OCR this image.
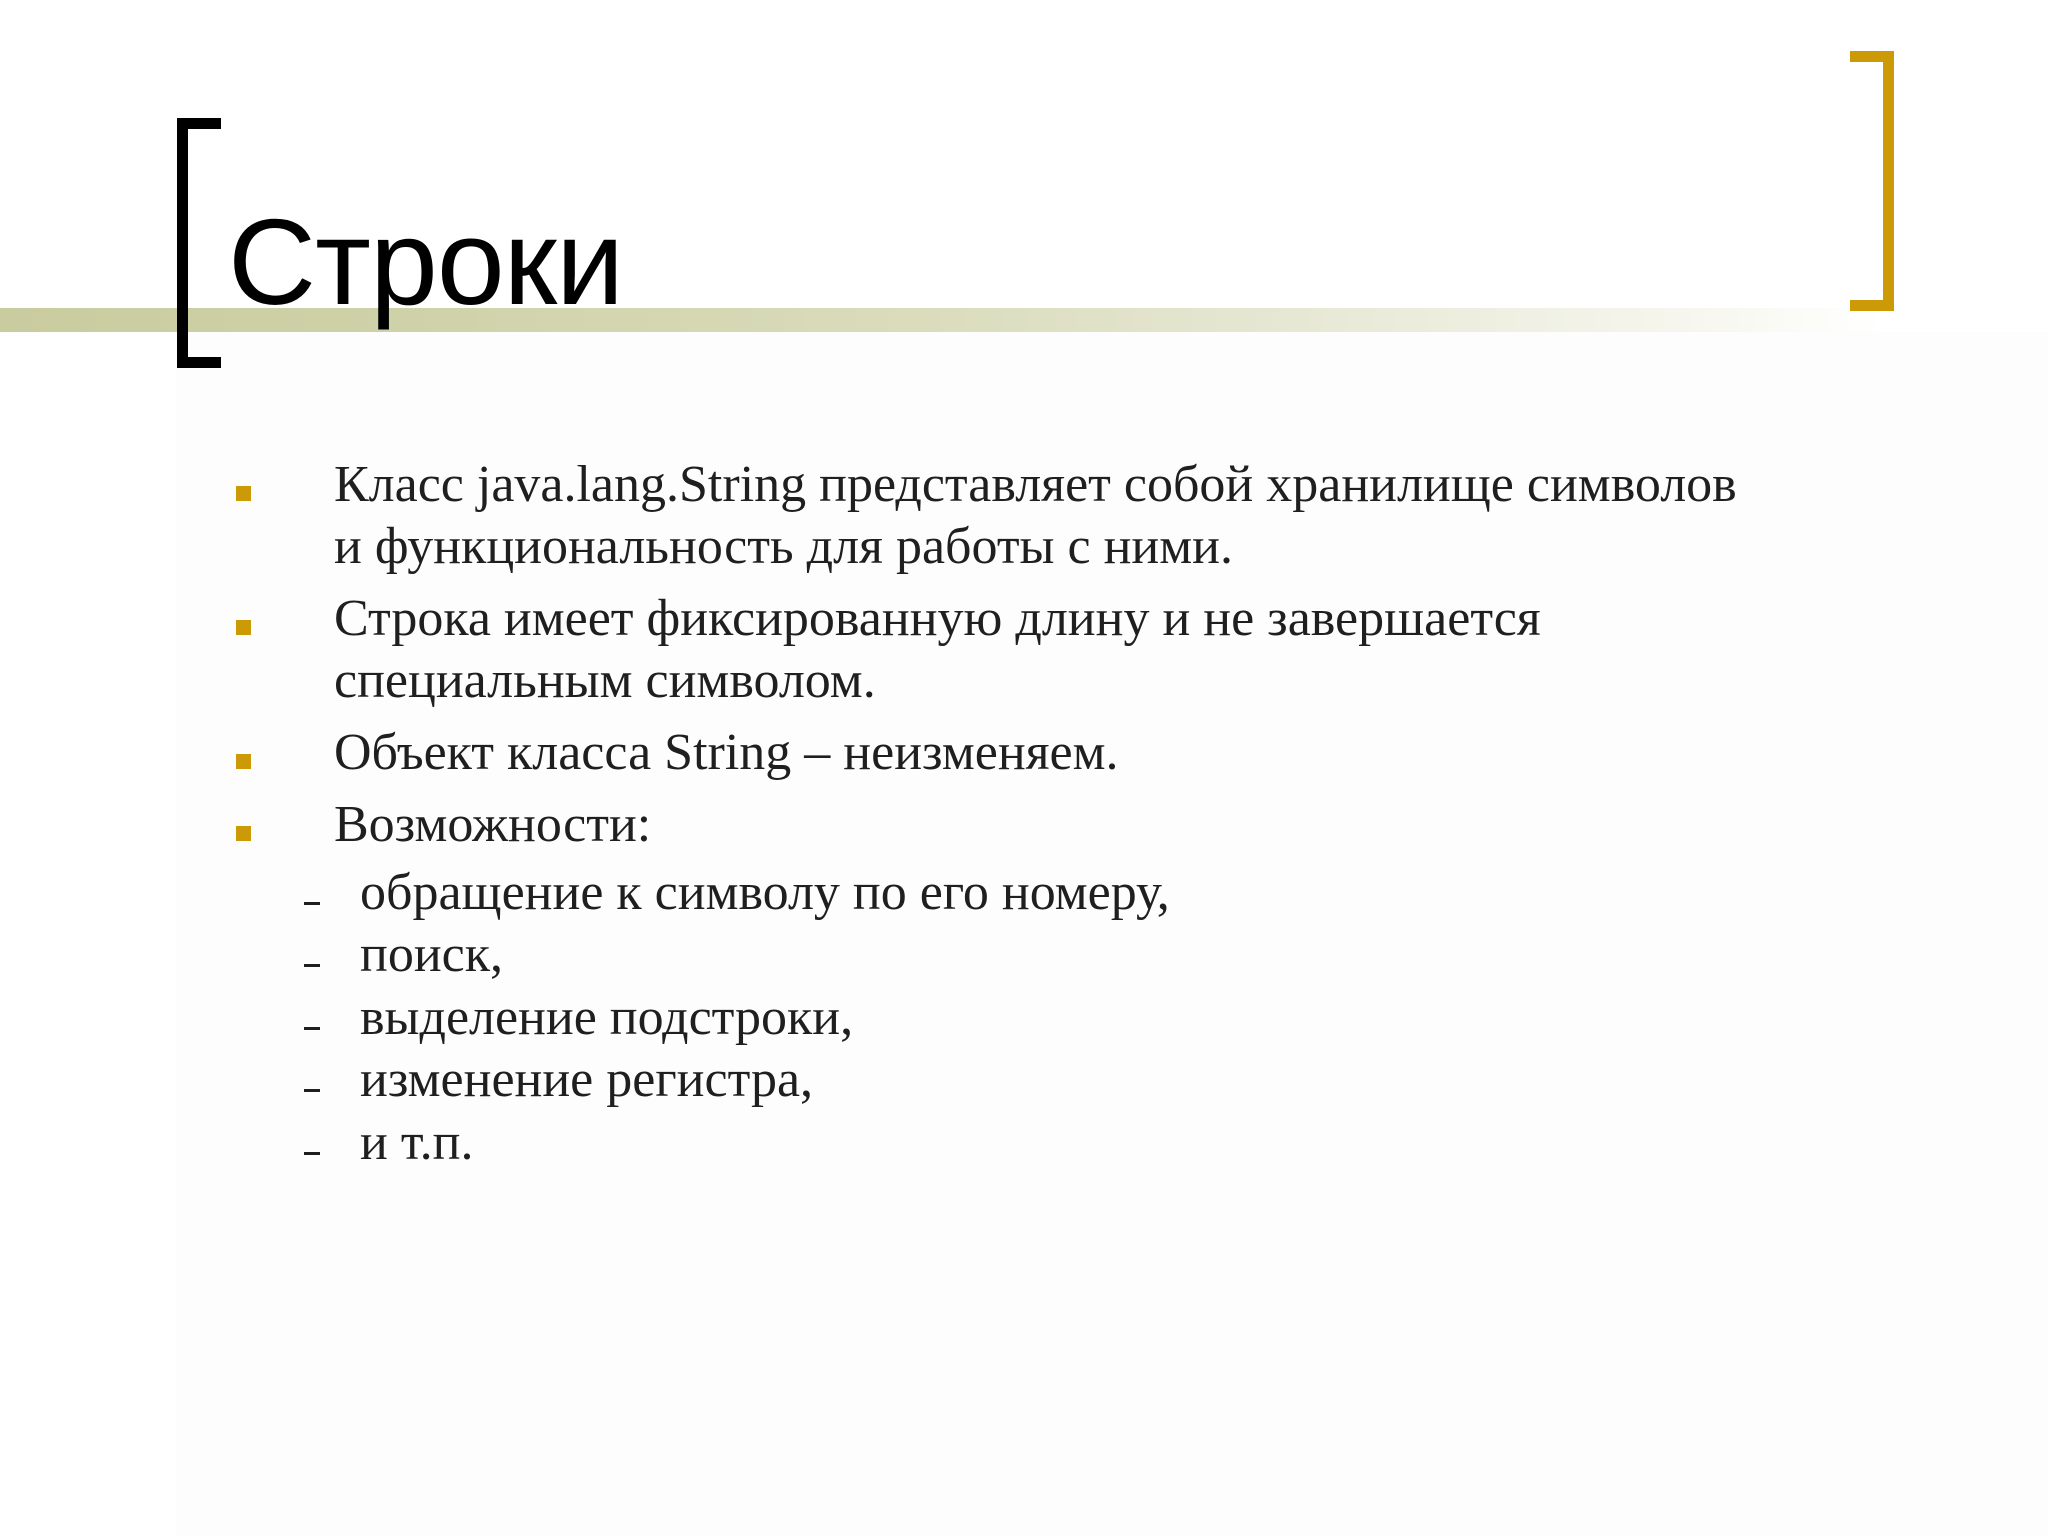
Строки

Класс java.lang.String представляет собой хранилище символов

и функциональность для работы с ними.

Строка имеет фиксированную длину и не завершается

специальным символом.

Объект класса String – неизменяем.

Возможности:

обращение к символу по его номеру,

поиск,

выделение подстроки,

изменение регистра,

и т.п.
